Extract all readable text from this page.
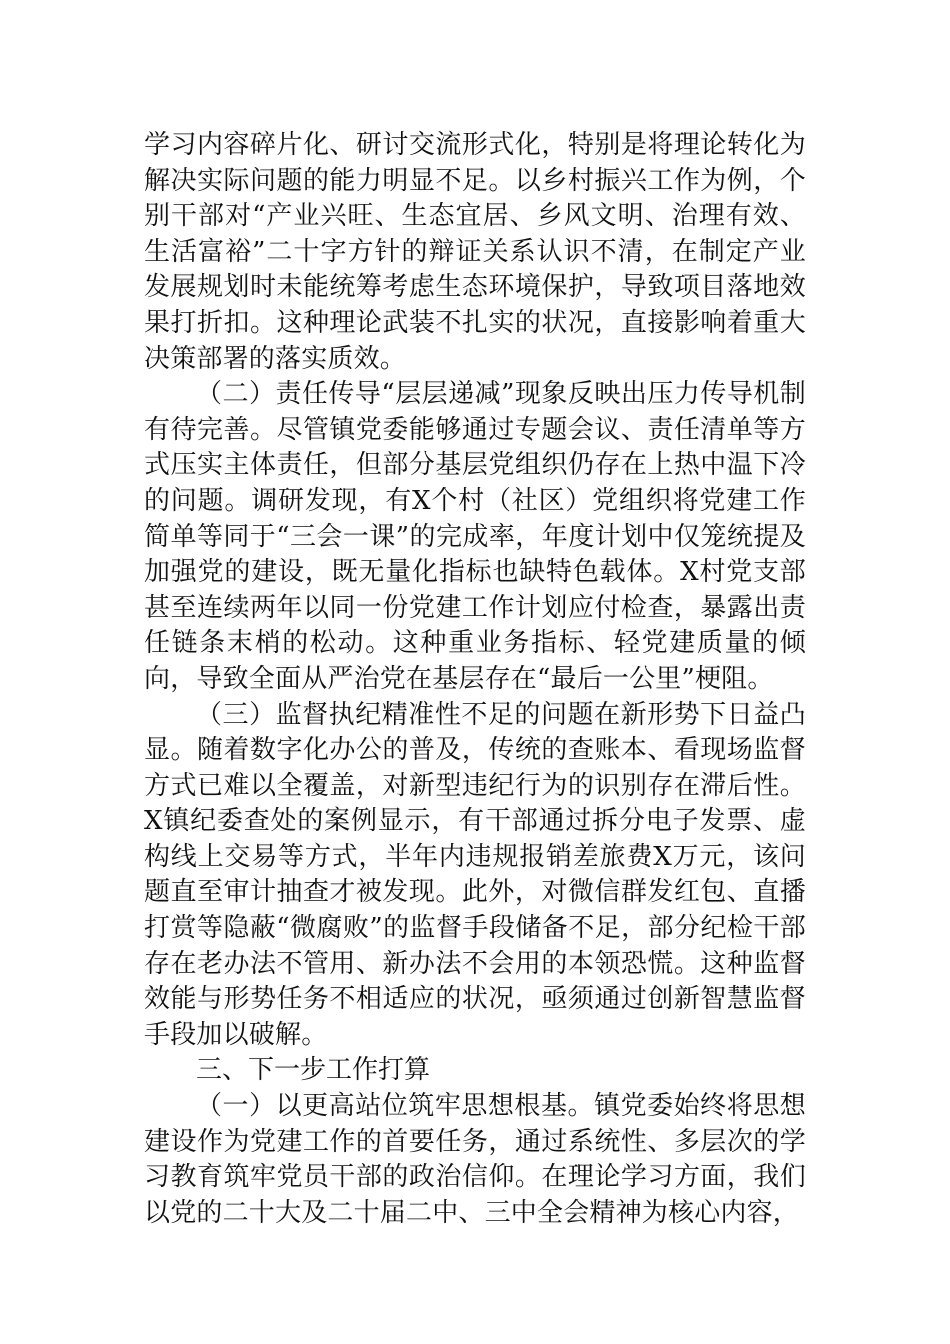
学习内容碎片化、研讨交流形式化，特别是将理论转化为解决实际问题的能力明显不足。以乡村振兴工作为例，个别干部对“产业兴旺、生态宜居、乡风文明、治理有效、生活富裕”二十字方针的辩证关系认识不清，在制定产业发展规划时未能统筹考虑生态环境保护，导致项目落地效果打折扣。这种理论武装不扎实的状况，直接影响着重大决策部署的落实质效。

（二）责任传导“层层递减”现象反映出压力传导机制有待完善。尽管镇党委能够通过专题会议、责任清单等方式压实主体责任，但部分基层党组织仍存在上热中温下冷的问题。调研发现，有X个村（社区）党组织将党建工作简单等同于“三会一课”的完成率，年度计划中仅笼统提及加强党的建设，既无量化指标也缺特色载体。X村党支部甚至连续两年以同一份党建工作计划应付检查，暴露出责任链条末梢的松动。这种重业务指标、轻党建质量的倾向，导致全面从严治党在基层存在“最后一公里”梗阻。

（三）监督执纪精准性不足的问题在新形势下日益凸显。随着数字化办公的普及，传统的查账本、看现场监督方式已难以全覆盖，对新型违纪行为的识别存在滞后性。X镇纪委查处的案例显示，有干部通过拆分电子发票、虚构线上交易等方式，半年内违规报销差旅费X万元，该问题直至审计抽查才被发现。此外，对微信群发红包、直播打赏等隐蔽“微腐败”的监督手段储备不足，部分纪检干部存在老办法不管用、新办法不会用的本领恐慌。这种监督效能与形势任务不相适应的状况，亟须通过创新智慧监督手段加以破解。

三、下一步工作打算

（一）以更高站位筑牢思想根基。镇党委始终将思想建设作为党建工作的首要任务，通过系统性、多层次的学习教育筑牢党员干部的政治信仰。在理论学习方面，我们以党的二十大及二十届二中、三中全会精神为核心内容，
